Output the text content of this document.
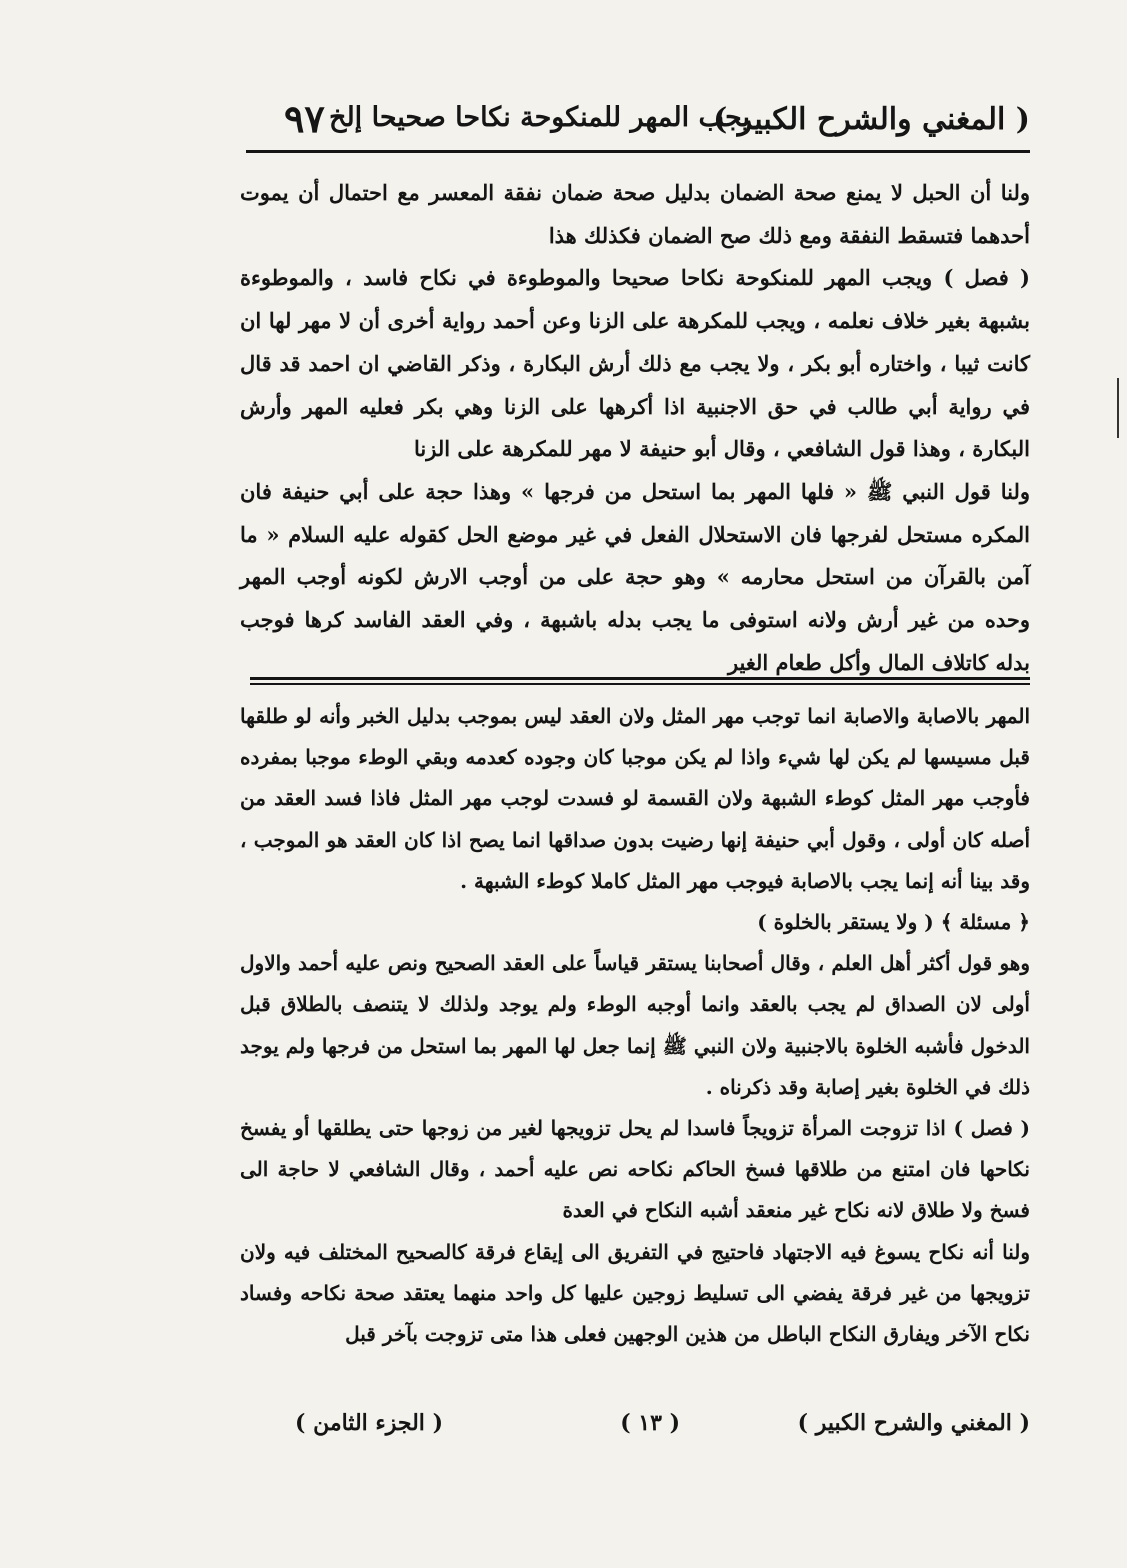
( المغني والشرح الكبير )
يجب المهر للمنكوحة نكاحا صحيحا إلخ
٩٧

ولنا أن الحبل لا يمنع صحة الضمان بدليل صحة ضمان نفقة المعسر مع احتمال أن يموت أحدهما فتسقط النفقة ومع ذلك صح الضمان فكذلك هذا

( فصل ) ويجب المهر للمنكوحة نكاحا صحيحا والموطوءة في نكاح فاسد ، والموطوءة بشبهة بغير خلاف نعلمه ، ويجب للمكرهة على الزنا وعن أحمد رواية أخرى أن لا مهر لها ان كانت ثيبا ، واختاره أبو بكر ، ولا يجب مع ذلك أرش البكارة ، وذكر القاضي ان احمد قد قال في رواية أبي طالب في حق الاجنبية اذا أكرهها على الزنا وهي بكر فعليه المهر وأرش البكارة ، وهذا قول الشافعي ، وقال أبو حنيفة لا مهر للمكرهة على الزنا

ولنا قول النبي ﷺ « فلها المهر بما استحل من فرجها » وهذا حجة على أبي حنيفة فان المكره مستحل لفرجها فان الاستحلال الفعل في غير موضع الحل كقوله عليه السلام « ما آمن بالقرآن من استحل محارمه » وهو حجة على من أوجب الارش لكونه أوجب المهر وحده من غير أرش ولانه استوفى ما يجب بدله باشبهة ، وفي العقد الفاسد كرها فوجب بدله كاتلاف المال وأكل طعام الغير

المهر بالاصابة والاصابة انما توجب مهر المثل ولان العقد ليس بموجب بدليل الخبر وأنه لو طلقها قبل مسيسها لم يكن لها شيء واذا لم يكن موجبا كان وجوده كعدمه وبقي الوطء موجبا بمفرده فأوجب مهر المثل كوطء الشبهة ولان القسمة لو فسدت لوجب مهر المثل فاذا فسد العقد من أصله كان أولى ، وقول أبي حنيفة إنها رضيت بدون صداقها انما يصح اذا كان العقد هو الموجب ، وقد بينا أنه إنما يجب بالاصابة فيوجب مهر المثل كاملا كوطء الشبهة .

﴿ مسئلة ﴾ ( ولا يستقر بالخلوة )

وهو قول أكثر أهل العلم ، وقال أصحابنا يستقر قياساً على العقد الصحيح ونص عليه أحمد والاول أولى لان الصداق لم يجب بالعقد وانما أوجبه الوطء ولم يوجد ولذلك لا يتنصف بالطلاق قبل الدخول فأشبه الخلوة بالاجنبية ولان النبي ﷺ إنما جعل لها المهر بما استحل من فرجها ولم يوجد ذلك في الخلوة بغير إصابة وقد ذكرناه .

( فصل ) اذا تزوجت المرأة تزويجاً فاسدا لم يحل تزويجها لغير من زوجها حتى يطلقها أو يفسخ نكاحها فان امتنع من طلاقها فسخ الحاكم نكاحه نص عليه أحمد ، وقال الشافعي لا حاجة الى فسخ ولا طلاق لانه نكاح غير منعقد أشبه النكاح في العدة

ولنا أنه نكاح يسوغ فيه الاجتهاد فاحتيج في التفريق الى إيقاع فرقة كالصحيح المختلف فيه ولان تزويجها من غير فرقة يفضي الى تسليط زوجين عليها كل واحد منهما يعتقد صحة نكاحه وفساد نكاح الآخر ويفارق النكاح الباطل من هذين الوجهين فعلى هذا متى تزوجت بآخر قبل

( المغني والشرح الكبير )
( ١٣ )
( الجزء الثامن )
